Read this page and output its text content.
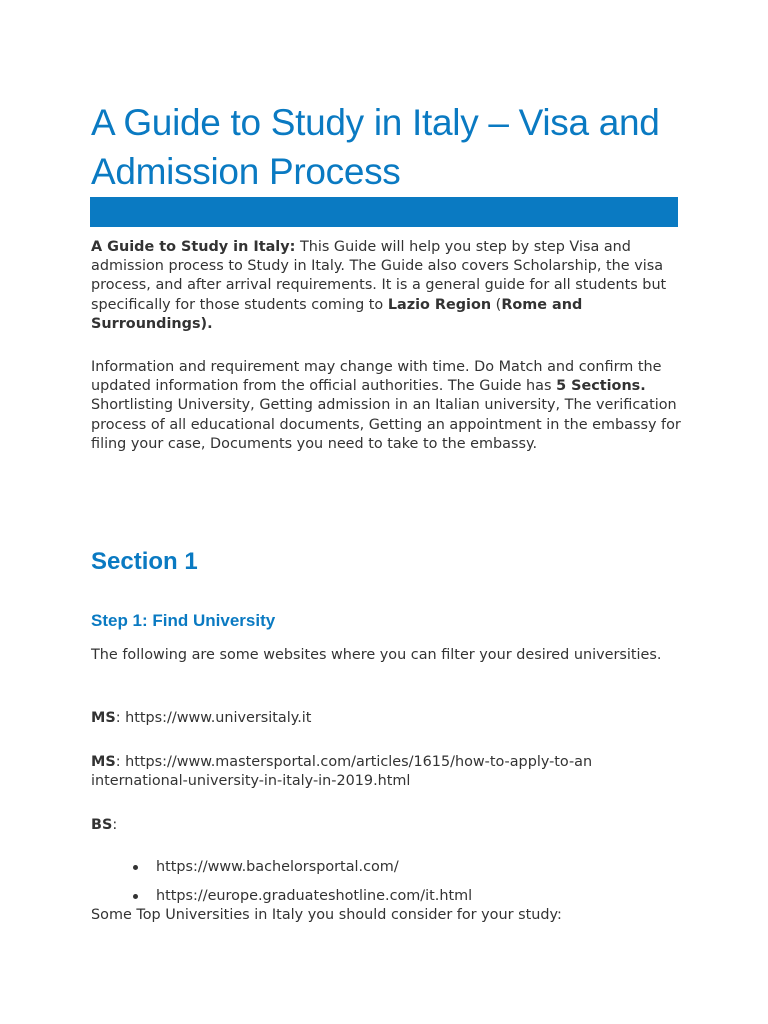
A Guide to Study in Italy – Visa and Admission Process

A Guide to Study in Italy: This Guide will help you step by step Visa and admission process to Study in Italy. The Guide also covers Scholarship, the visa process, and after arrival requirements. It is a general guide for all students but specifically for those students coming to Lazio Region (Rome and Surroundings).

Information and requirement may change with time. Do Match and confirm the updated information from the official authorities. The Guide has 5 Sections. Shortlisting University, Getting admission in an Italian university, The verification process of all educational documents, Getting an appointment in the embassy for filing your case, Documents you need to take to the embassy.

Section 1
Step 1: Find University

The following are some websites where you can filter your desired universities.

MS: https://www.universitaly.it

MS: https://www.mastersportal.com/articles/1615/how-to-apply-to-an international-university-in-italy-in-2019.html

BS:

https://www.bachelorsportal.com/
https://europe.graduateshotline.com/it.html

Some Top Universities in Italy you should consider for your study:
